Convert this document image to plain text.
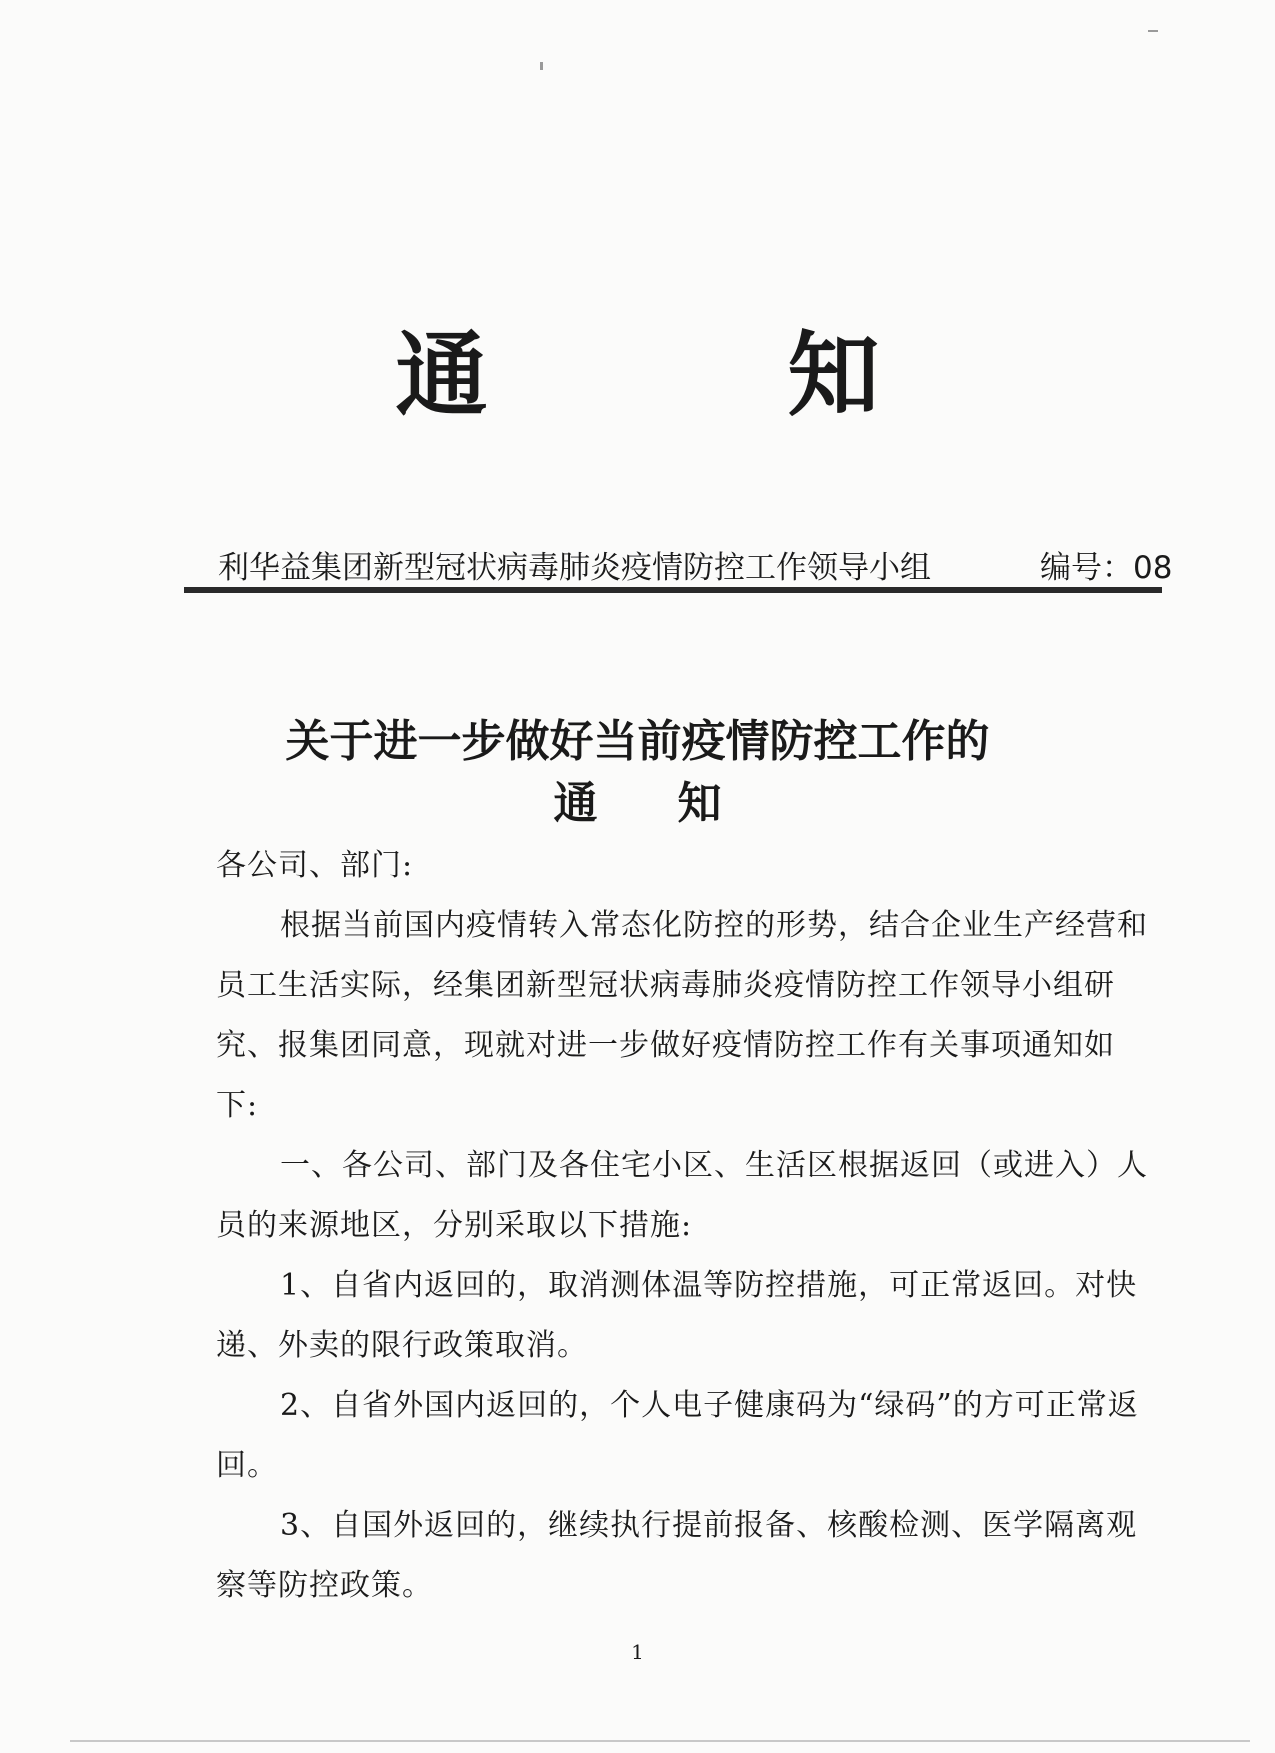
通	知
利华益集团新型冠状病毒肺炎疫情防控工作领导小组	编号：08
关于进一步做好当前疫情防控工作的
通 知

各公司、部门:

根据当前国内疫情转入常态化防控的形势，结合企业生产经营和员工生活实际，经集团新型冠状病毒肺炎疫情防控工作领导小组研究、报集团同意，现就对进一步做好疫情防控工作有关事项通知如下:

一、各公司、部门及各住宅小区、生活区根据返回（或进入）人员的来源地区，分别采取以下措施:

1、自省内返回的，取消测体温等防控措施，可正常返回。对快递、外卖的限行政策取消。

2、自省外国内返回的，个人电子健康码为“绿码”的方可正常返回。

3、自国外返回的，继续执行提前报备、核酸检测、医学隔离观察等防控政策。

1
